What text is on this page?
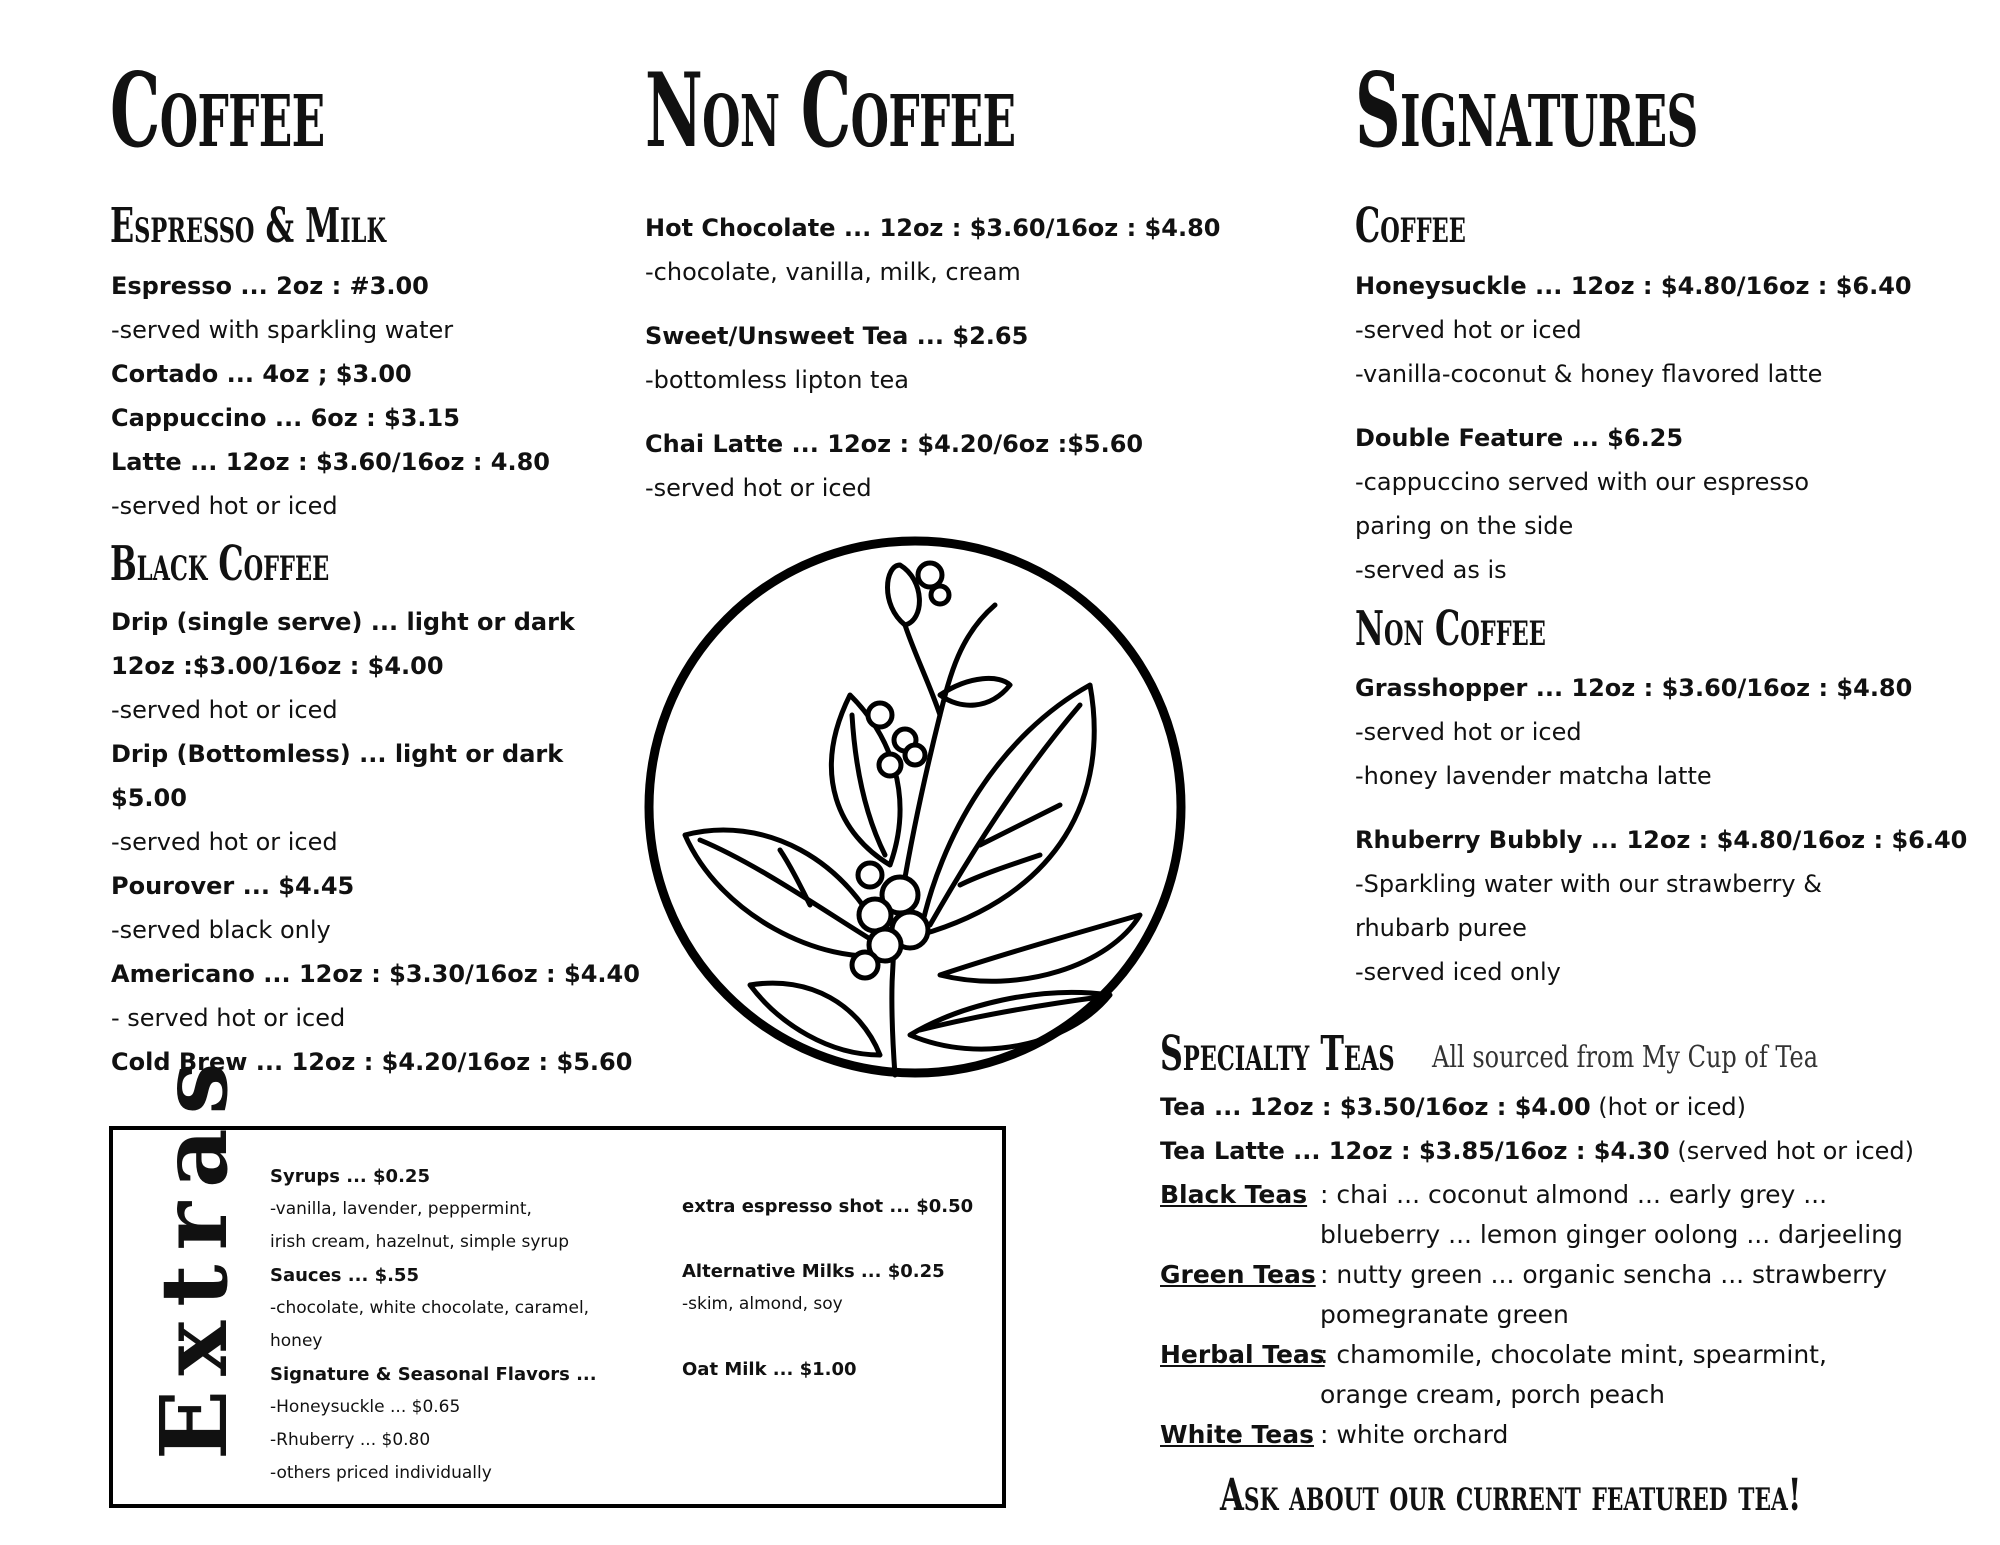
Coffee
Espresso & Milk
Espresso ... 2oz : #3.00
-served with sparkling water
Cortado ... 4oz ; $3.00
Cappuccino ... 6oz : $3.15
Latte ... 12oz : $3.60/16oz : 4.80
-served hot or iced
Black Coffee
Drip (single serve) ... light or dark
12oz :$3.00/16oz : $4.00
-served hot or iced
Drip (Bottomless) ... light or dark
$5.00
-served hot or iced
Pourover ... $4.45
-served black only
Americano ... 12oz : $3.30/16oz : $4.40
- served hot or iced
Cold Brew ... 12oz : $4.20/16oz : $5.60
Non Coffee
Hot Chocolate ... 12oz : $3.60/16oz : $4.80
-chocolate, vanilla, milk, cream
Sweet/Unsweet Tea ... $2.65
-bottomless lipton tea
Chai Latte ... 12oz : $4.20/6oz :$5.60
-served hot or iced
Signatures
Coffee
Honeysuckle ... 12oz : $4.80/16oz : $6.40
-served hot or iced
-vanilla-coconut & honey flavored latte
Double Feature ... $6.25
-cappuccino served with our espresso
paring on the side
-served as is
Non Coffee
Grasshopper ... 12oz : $3.60/16oz : $4.80
-served hot or iced
-honey lavender matcha latte
Rhuberry Bubbly ... 12oz : $4.80/16oz : $6.40
-Sparkling water with our strawberry &
rhubarb puree
-served iced only
Extras Syrups ... $0.25
-vanilla, lavender, peppermint,
irish cream, hazelnut, simple syrup
Sauces ... $.55
-chocolate, white chocolate, caramel,
honey
Signature & Seasonal Flavors ...
-Honeysuckle ... $0.65
-Rhuberry ... $0.80
-others priced individually
extra espresso shot ... $0.50
Alternative Milks ... $0.25
-skim, almond, soy
Oat Milk ... $1.00
Specialty Teas All sourced from My Cup of Tea
Tea ... 12oz : $3.50/16oz : $4.00 (hot or iced)
Tea Latte ... 12oz : $3.85/16oz : $4.30 (served hot or iced)
Black Teas : chai ... coconut almond ... early grey ...
blueberry ... lemon ginger oolong ... darjeeling
Green Teas : nutty green ... organic sencha ... strawberry
pomegranate green
Herbal Teas
: chamomile, chocolate mint, spearmint,
orange cream, porch peach
White Teas : white orchard
Ask about our current featured tea!
